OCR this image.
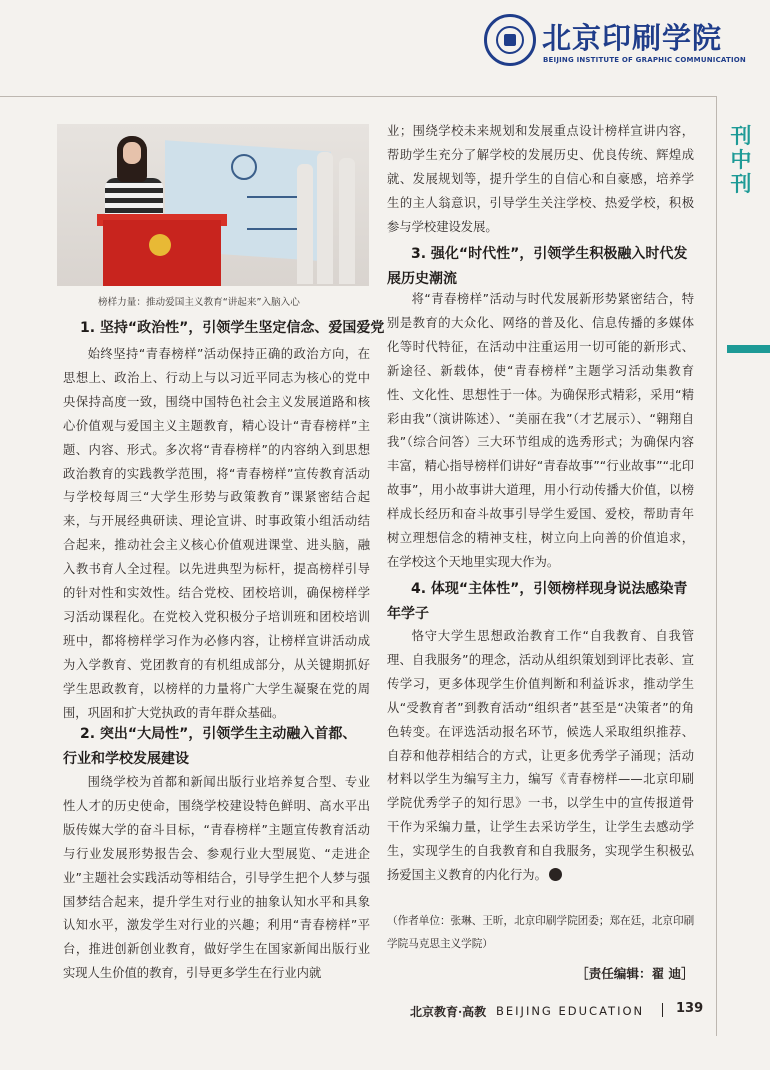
北京印刷学院
BEIJING INSTITUTE OF GRAPHIC COMMUNICATION
刊中刊
榜样力量：推动爱国主义教育“讲起来”入脑入心
1. 坚持“政治性”，引领学生坚定信念、爱国爱党
始终坚持“青春榜样”活动保持正确的政治方向，在思想上、政治上、行动上与以习近平同志为核心的党中央保持高度一致，围绕中国特色社会主义发展道路和核心价值观与爱国主义主题教育，精心设计“青春榜样”主题、内容、形式。多次将“青春榜样”的内容纳入到思想政治教育的实践教学范围，将“青春榜样”宣传教育活动与学校每周三“大学生形势与政策教育”课紧密结合起来，与开展经典研读、理论宣讲、时事政策小组活动结合起来，推动社会主义核心价值观进课堂、进头脑，融入教书育人全过程。以先进典型为标杆，提高榜样引导的针对性和实效性。结合党校、团校培训，确保榜样学习活动课程化。在党校入党积极分子培训班和团校培训班中，都将榜样学习作为必修内容，让榜样宣讲活动成为入学教育、党团教育的有机组成部分，从关键期抓好学生思政教育，以榜样的力量将广大学生凝聚在党的周围，巩固和扩大党执政的青年群众基础。
2. 突出“大局性”，引领学生主动融入首都、行业和学校发展建设
围绕学校为首都和新闻出版行业培养复合型、专业性人才的历史使命，围绕学校建设特色鲜明、高水平出版传媒大学的奋斗目标，“青春榜样”主题宣传教育活动与行业发展形势报告会、参观行业大型展览、“走进企业”主题社会实践活动等相结合，引导学生把个人梦与强国梦结合起来，提升学生对行业的抽象认知水平和具象认知水平，激发学生对行业的兴趣；利用“青春榜样”平台，推进创新创业教育，做好学生在国家新闻出版行业实现人生价值的教育，引导更多学生在行业内就
业；围绕学校未来规划和发展重点设计榜样宣讲内容，帮助学生充分了解学校的发展历史、优良传统、辉煌成就、发展规划等，提升学生的自信心和自豪感，培养学生的主人翁意识，引导学生关注学校、热爱学校，积极参与学校建设发展。
3. 强化“时代性”，引领学生积极融入时代发展历史潮流
将“青春榜样”活动与时代发展新形势紧密结合，特别是教育的大众化、网络的普及化、信息传播的多媒体化等时代特征，在活动中注重运用一切可能的新形式、新途径、新载体，使“青春榜样”主题学习活动集教育性、文化性、思想性于一体。为确保形式精彩，采用“精彩由我”（演讲陈述）、“美丽在我”（才艺展示）、“翱翔自我”（综合问答）三大环节组成的选秀形式；为确保内容丰富，精心指导榜样们讲好“青春故事”“行业故事”“北印故事”，用小故事讲大道理，用小行动传播大价值，以榜样成长经历和奋斗故事引导学生爱国、爱校，帮助青年树立理想信念的精神支柱，树立向上向善的价值追求，在学校这个天地里实现大作为。
4. 体现“主体性”，引领榜样现身说法感染青年学子
恪守大学生思想政治教育工作“自我教育、自我管理、自我服务”的理念，活动从组织策划到评比表彰、宣传学习，更多体现学生价值判断和利益诉求，推动学生从“受教育者”到教育活动“组织者”甚至是“决策者”的角色转变。在评选活动报名环节，候选人采取组织推荐、自荐和他荐相结合的方式，让更多优秀学子涌现；活动材料以学生为编写主力，编写《青春榜样——北京印刷学院优秀学子的知行思》一书，以学生中的宣传报道骨干作为采编力量，让学生去采访学生，让学生去感动学生，实现学生的自我教育和自我服务，实现学生积极弘扬爱国主义教育的内化行为。
（作者单位：张琳、王昕，北京印刷学院团委；郑在廷，北京印刷学院马克思主义学院）
［责任编辑：翟 迪］
北京教育·高教 BEIJING EDUCATION 139
